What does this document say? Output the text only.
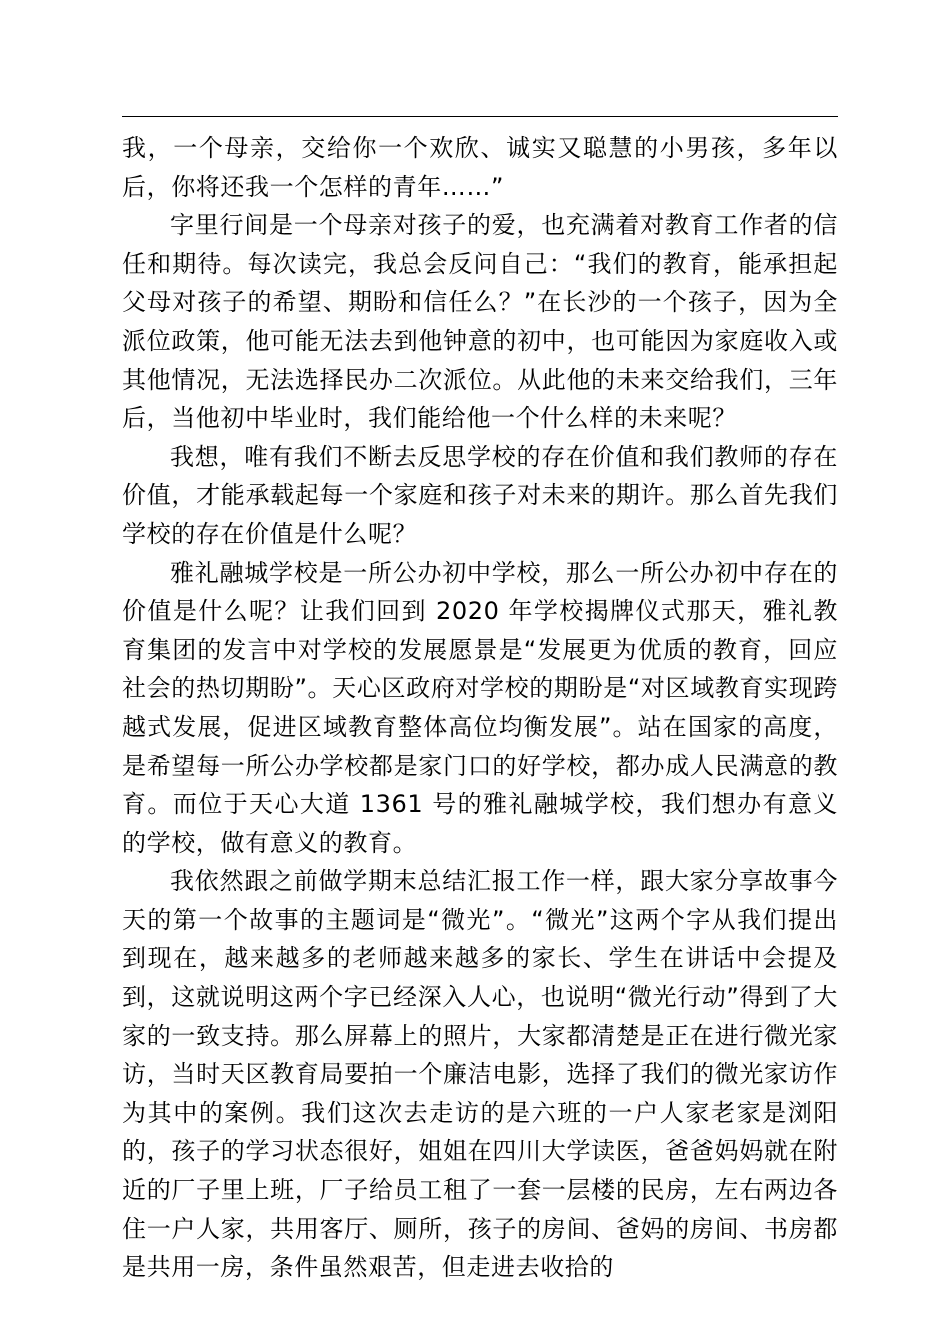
我，一个母亲，交给你一个欢欣、诚实又聪慧的小男孩，多年以后，你将还我一个怎样的青年……”

字里行间是一个母亲对孩子的爱，也充满着对教育工作者的信任和期待。每次读完，我总会反问自己：“我们的教育，能承担起父母对孩子的希望、期盼和信任么？”在长沙的一个孩子，因为全派位政策，他可能无法去到他钟意的初中，也可能因为家庭收入或其他情况，无法选择民办二次派位。从此他的未来交给我们，三年后，当他初中毕业时，我们能给他一个什么样的未来呢？

我想，唯有我们不断去反思学校的存在价值和我们教师的存在价值，才能承载起每一个家庭和孩子对未来的期许。那么首先我们学校的存在价值是什么呢？

雅礼融城学校是一所公办初中学校，那么一所公办初中存在的价值是什么呢？让我们回到 2020 年学校揭牌仪式那天，雅礼教育集团的发言中对学校的发展愿景是“发展更为优质的教育，回应社会的热切期盼”。天心区政府对学校的期盼是“对区域教育实现跨越式发展，促进区域教育整体高位均衡发展”。站在国家的高度，是希望每一所公办学校都是家门口的好学校，都办成人民满意的教育。而位于天心大道 1361 号的雅礼融城学校，我们想办有意义的学校，做有意义的教育。

我依然跟之前做学期末总结汇报工作一样，跟大家分享故事今天的第一个故事的主题词是“微光”。“微光”这两个字从我们提出到现在，越来越多的老师越来越多的家长、学生在讲话中会提及到，这就说明这两个字已经深入人心，也说明“微光行动”得到了大家的一致支持。那么屏幕上的照片，大家都清楚是正在进行微光家访，当时天区教育局要拍一个廉洁电影，选择了我们的微光家访作为其中的案例。我们这次去走访的是六班的一户人家老家是浏阳的，孩子的学习状态很好，姐姐在四川大学读医，爸爸妈妈就在附近的厂子里上班，厂子给员工租了一套一层楼的民房，左右两边各住一户人家，共用客厅、厕所，孩子的房间、爸妈的房间、书房都是共用一房，条件虽然艰苦，但走进去收拾的
